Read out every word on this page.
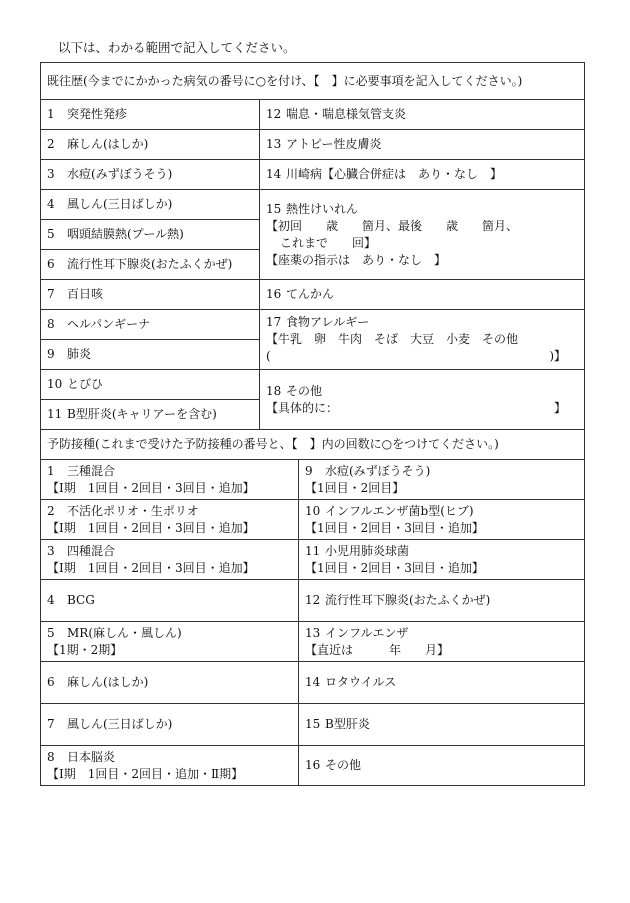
以下は、わかる範囲で記入してください。
既往歴(今までにかかった病気の番号に○を付け、【　】に必要事項を記入してください。)		
1 突発性発疹	12 喘息・喘息様気管支炎	
2 麻しん(はしか)	13 アトピー性皮膚炎	
3 水痘(みずぼうそう)	14 川崎病【心臓合併症は　あり・なし　】	
4 風しん(三日ばしか)	15 熱性けいれん
【初回　　歳　　箇月、最後　　歳　　箇月、
これまで　　回】
【座薬の指示は　あり・なし　】	

5 咽頭結膜熱(プール熱)		
6 流行性耳下腺炎(おたふくかぜ)		
7 百日咳	16 てんかん	
8 ヘルパンギーナ	17 食物アレルギー
【牛乳　卵　牛肉　そば　大豆　小麦　その他
( )】	

9 肺炎		
10 とびひ	18 その他
【具体的に： 】	

11 B型肝炎(キャリアーを含む)		
予防接種(これまで受けた予防接種の番号と、【　】内の回数に○をつけてください。)		

1 三種混合
【Ⅰ期　1回目・2回目・3回目・追加】		9 水痘(みずぼうそう)
【1回目・2回目】

2 不活化ポリオ・生ポリオ
【Ⅰ期　1回目・2回目・3回目・追加】		10 インフルエンザ菌b型(ヒブ)
【1回目・2回目・3回目・追加】

3 四種混合
【Ⅰ期　1回目・2回目・3回目・追加】		11 小児用肺炎球菌
【1回目・2回目・3回目・追加】

4 BCG		12 流行性耳下腺炎(おたふくかぜ)

5 MR(麻しん・風しん)
【1期・2期】		13 インフルエンザ
【直近は　　　年　　月】

6 麻しん(はしか)		14 ロタウイルス
7 風しん(三日ばしか)		15 B型肝炎

8 日本脳炎
【Ⅰ期　1回目・2回目・追加・Ⅱ期】		16 その他
